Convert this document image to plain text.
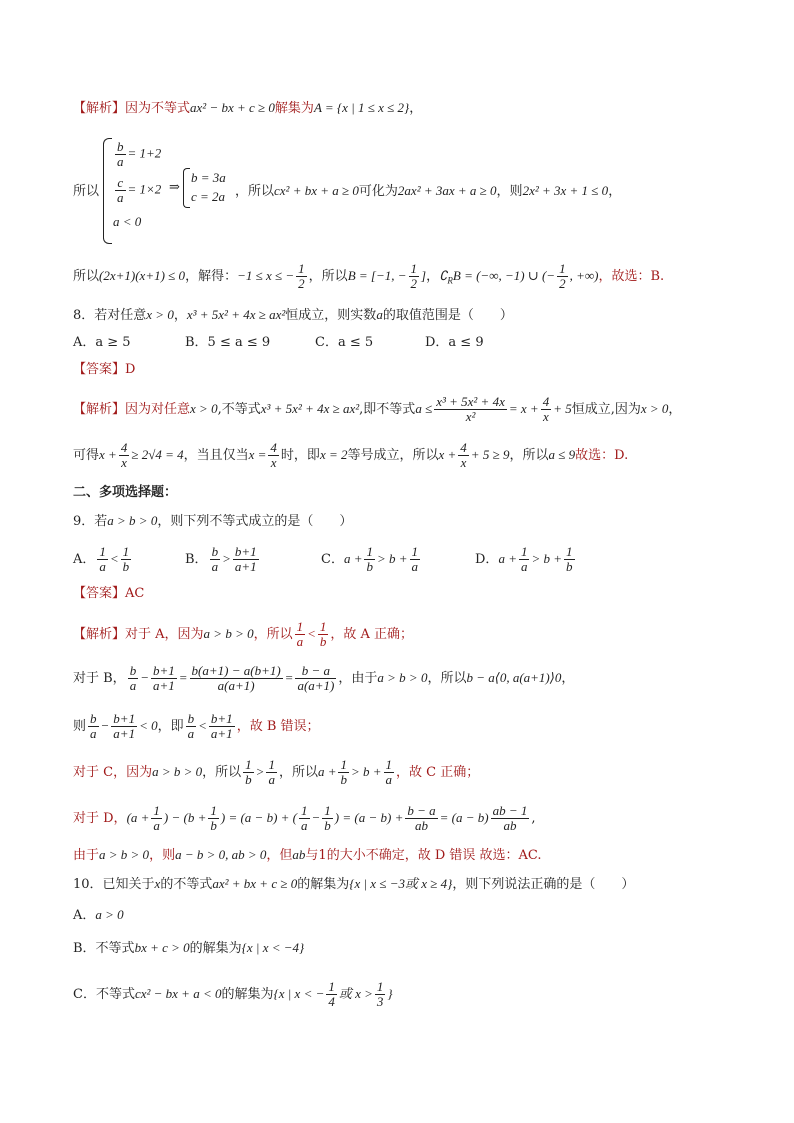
【解析】因为不等式ax² − bx + c ≥ 0解集为A = {x | 1 ≤ x ≤ 2}，
所以
$\frac{b}{a} = 1+2$
$\frac{c}{a} = 1\times 2$
a < 0
⇒
b = 3a
c = 2a ，所以cx² + bx + a ≥ 0可化为2ax² + 3ax + a ≥ 0，则2x² + 3x + 1 ≤ 0，
所以(2x+1)(x+1) ≤ 0，解得：−1 ≤ x ≤ − $\frac{1}{2}$ ，所以B = [−1, − $\frac{1}{2}$ ]，$∁_RB$ = (−∞, −1) ∪ (− $\frac{1}{2}$ , +∞)，故选：B.
8．若对任意x > 0，x³ + 5x² + 4x ≥ ax²恒成立，则实数a的取值范围是（　　）
A．a ≥ 5	B．5 ≤ a ≤ 9	C．a ≤ 5	D．a ≤ 9
【答案】D
【解析】因为对任意x > 0,不等式x³ + 5x² + 4x ≥ ax²,即不等式$a \le \frac{\text{x³ + 5x² + 4x}}{\text{x²}} = x + \frac{4}{x} + 5$恒成立,因为x > 0，
可得$x + \frac{4}{x} \ge 2√4 = 4$，当且仅当$x = \frac{4}{x}$ 时，即x = 2等号成立，所以$x + \frac{4}{x} + 5 \ge 9$，所以a ≤ 9故选：D.
二、多项选择题：
9．若a > b > 0，则下列不等式成立的是（　　）
A． $\frac{1}{a} < \frac{1}{b}$	B． $\frac{b}{a} > \frac{b+1}{a+1}$	C．$a + \frac{1}{b} > b + \frac{1}{a}$	D．$a + \frac{1}{a} > b + \frac{1}{b}$
【答案】AC
【解析】对于 A，因为a > b > 0，所以 $\frac{1}{a} < \frac{1}{b}$ ，故 A 正确；
对于 B， $\frac{b}{a} - \frac{b+1}{a+1} = \frac{b(a+1) - a(b+1)}{a(a+1)} = \frac{b - a}{a(a+1)}$ ，由于a > b > 0，所以b − a⟨0, a(a+1)⟩0，
则 $\frac{b}{a} - \frac{b+1}{a+1} < 0$，即 $\frac{b}{a} < \frac{b+1}{a+1}$ ，故 B 错误；
对于 C，因为a > b > 0，所以 $\frac{1}{b} > \frac{1}{a}$ ，所以$a + \frac{1}{b} > b + \frac{1}{a}$ ，故 C 正确；
对于 D，($a + \frac{1}{a}$ ) − ($b + \frac{1}{b}$ ) = (a − b) + ( $\frac{1}{a} - \frac{1}{b}$ ) = $(a - b) + \frac{b - a}{ab} = (a - b) \frac{ab - 1}{ab}$ ,
由于a > b > 0，则a − b > 0, ab > 0，但ab与1的大小不确定，故 D 错误 故选：AC.
10．已知关于x的不等式ax² + bx + c ≥ 0的解集为{x | x ≤ −3或 x ≥ 4}，则下列说法正确的是（　　）
A．a > 0
B．不等式bx + c > 0的解集为{x | x < −4}
C．不等式cx² − bx + a < 0的解集为{x | x < − $\frac{1}{4}$ 或 $x > \frac{1}{3}$ }
